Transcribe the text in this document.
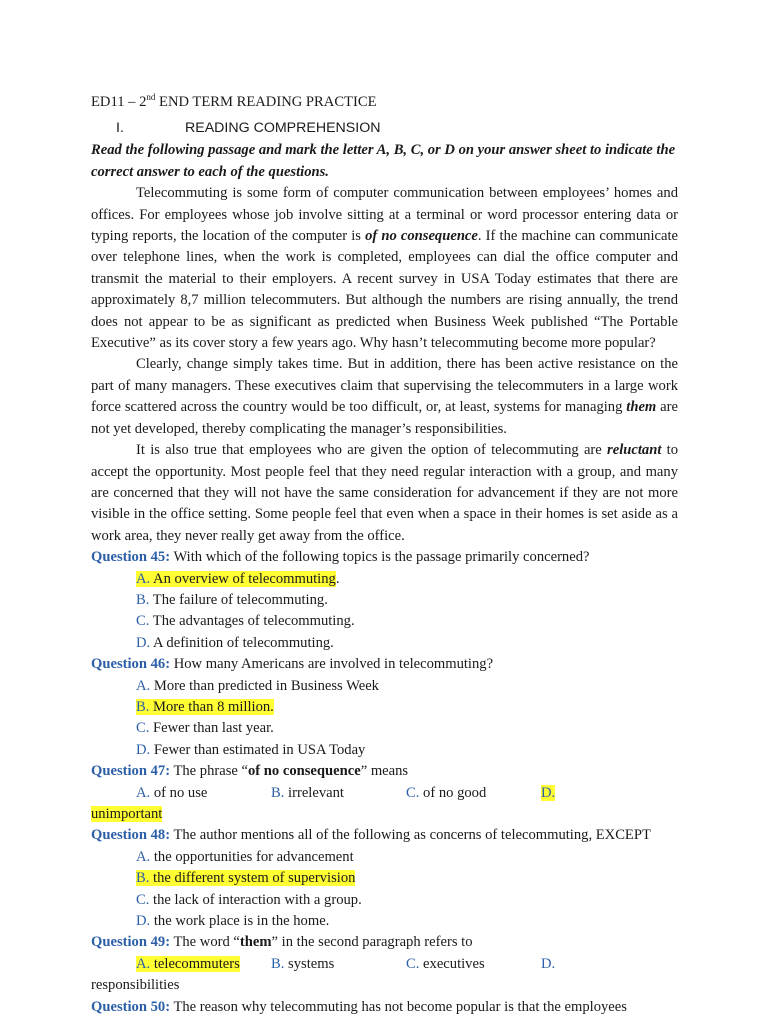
ED11 – 2nd END TERM READING PRACTICE

I.	READING COMPREHENSION

Read the following passage and mark the letter A, B, C, or D on your answer sheet to indicate the correct answer to each of the questions.

Telecommuting is some form of computer communication between employees’ homes and offices. For employees whose job involve sitting at a terminal or word processor entering data or typing reports, the location of the computer is of no consequence. If the machine can communicate over telephone lines, when the work is completed, employees can dial the office computer and transmit the material to their employers. A recent survey in USA Today estimates that there are approximately 8,7 million telecommuters. But although the numbers are rising annually, the trend does not appear to be as significant as predicted when Business Week published “The Portable Executive” as its cover story a few years ago. Why hasn’t telecommuting become more popular?

Clearly, change simply takes time. But in addition, there has been active resistance on the part of many managers. These executives claim that supervising the telecommuters in a large work force scattered across the country would be too difficult, or, at least, systems for managing them are not yet developed, thereby complicating the manager’s responsibilities.

It is also true that employees who are given the option of telecommuting are reluctant to accept the opportunity. Most people feel that they need regular interaction with a group, and many are concerned that they will not have the same consideration for advancement if they are not more visible in the office setting. Some people feel that even when a space in their homes is set aside as a work area, they never really get away from the office.

Question 45: With which of the following topics is the passage primarily concerned?

A. An overview of telecommuting.
B. The failure of telecommuting.
C. The advantages of telecommuting.
D. A definition of telecommuting.

Question 46: How many Americans are involved in telecommuting?

A. More than predicted in Business Week
B. More than 8 million.
C. Fewer than last year.
D. Fewer than estimated in USA Today

Question 47: The phrase “of no consequence” means

A. of no use	B. irrelevant	C. of no good	D.

unimportant

Question 48: The author mentions all of the following as concerns of telecommuting, EXCEPT

A. the opportunities for advancement
B. the different system of supervision
C. the lack of interaction with a group.
D. the work place is in the home.

Question 49: The word “them” in the second paragraph refers to

A. telecommuters	B. systems	C. executives	D.

responsibilities

Question 50: The reason why telecommuting has not become popular is that the employees
